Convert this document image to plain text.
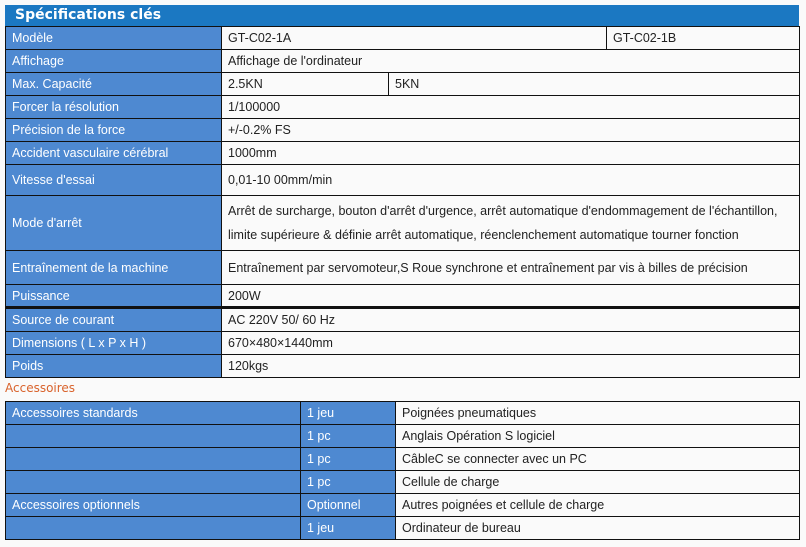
Spécifications clés
Modèle	GT-C02-1A		GT-C02-1B
Affichage	Affichage de l'ordinateur		
Max. Capacité	2.5KN	5KN	
Forcer la résolution	1/100000		
Précision de la force	+/-0.2% FS		
Accident vasculaire cérébral	1000mm		
Vitesse d'essai	0,01-10 00mm/min		
Mode d'arrêt	Arrêt de surcharge, bouton d'arrêt d'urgence, arrêt automatique d'endommagement de l'échantillon,
limite supérieure & définie arrêt automatique, réenclenchement automatique tourner fonction		

Entraînement de la machine	Entraînement par servomoteur,S Roue synchrone et entraînement par vis à billes de précision		
Puissance	200W		
Source de courant	AC 220V 50/ 60 Hz		
Dimensions ( L x P x H )	670×480×1440mm		
Poids	120kgs		
Accessoires
Accessoires standards	1 jeu	Poignées pneumatiques
	1 pc	Anglais Opération S logiciel
	1 pc	CâbleC se connecter avec un PC
	1 pc	Cellule de charge
Accessoires optionnels	Optionnel	Autres poignées et cellule de charge
	1 jeu	Ordinateur de bureau
